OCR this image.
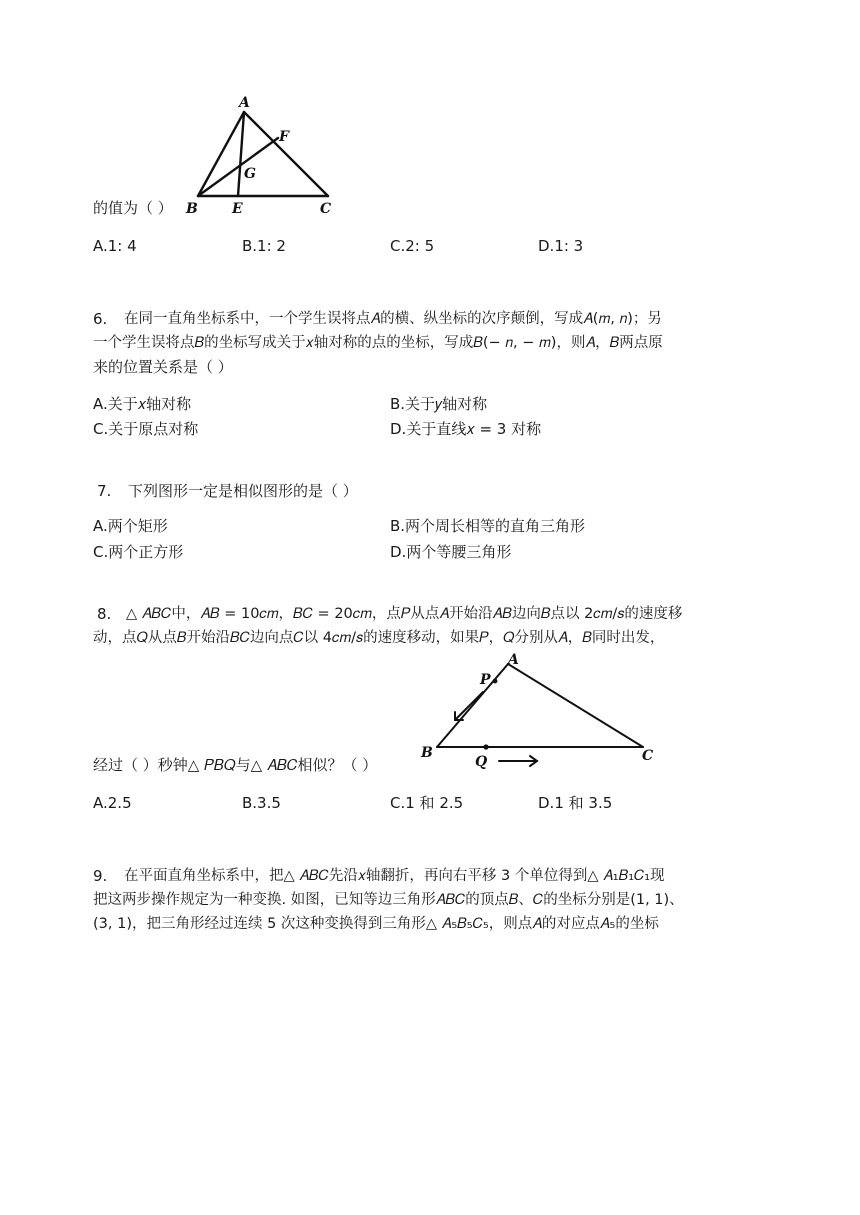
A
F
G
B E	C
的值为（ ）
A.1: 4	B.1: 2	C.2: 5	D.1: 3
6. 在同一直角坐标系中，一个学生误将点𝐴的横、纵坐标的次序颠倒，写成𝐴(𝑚, 𝑛)；另
一个学生误将点𝐵的坐标写成关于𝑥轴对称的点的坐标，写成𝐵(− 𝑛, − 𝑚)，则𝐴，𝐵两点原
来的位置关系是（ ）
A.关于𝑥轴对称	B.关于𝑦轴对称
C.关于原点对称	D.关于直线𝑥 = 3 对称
7. 下列图形一定是相似图形的是（ ）
A.两个矩形	B.两个周长相等的直角三角形
C.两个正方形	D.两个等腰三角形
8. △ 𝐴𝐵𝐶中，𝐴𝐵 = 10𝑐𝑚，𝐵𝐶 = 20𝑐𝑚，点𝑃从点𝐴开始沿𝐴𝐵边向𝐵点以 2𝑐𝑚/𝑠的速度移
动，点𝑄从点𝐵开始沿𝐵𝐶边向点𝐶以 4𝑐𝑚/𝑠的速度移动，如果𝑃，𝑄分别从𝐴，𝐵同时出发，
A
P
B
Q	C
经过（ ）秒钟△ 𝑃𝐵𝑄与△ 𝐴𝐵𝐶相似？（ ）
A.2.5	B.3.5	C.1 和 2.5	D.1 和 3.5
9. 在平面直角坐标系中，把△ 𝐴𝐵𝐶先沿𝑥轴翻折，再向右平移 3 个单位得到△ 𝐴₁𝐵₁𝐶₁现
把这两步操作规定为一种变换. 如图，已知等边三角形𝐴𝐵𝐶的顶点𝐵、𝐶的坐标分别是(1, 1)、
(3, 1)，把三角形经过连续 5 次这种变换得到三角形△ 𝐴₅𝐵₅𝐶₅，则点𝐴的对应点𝐴₅的坐标
